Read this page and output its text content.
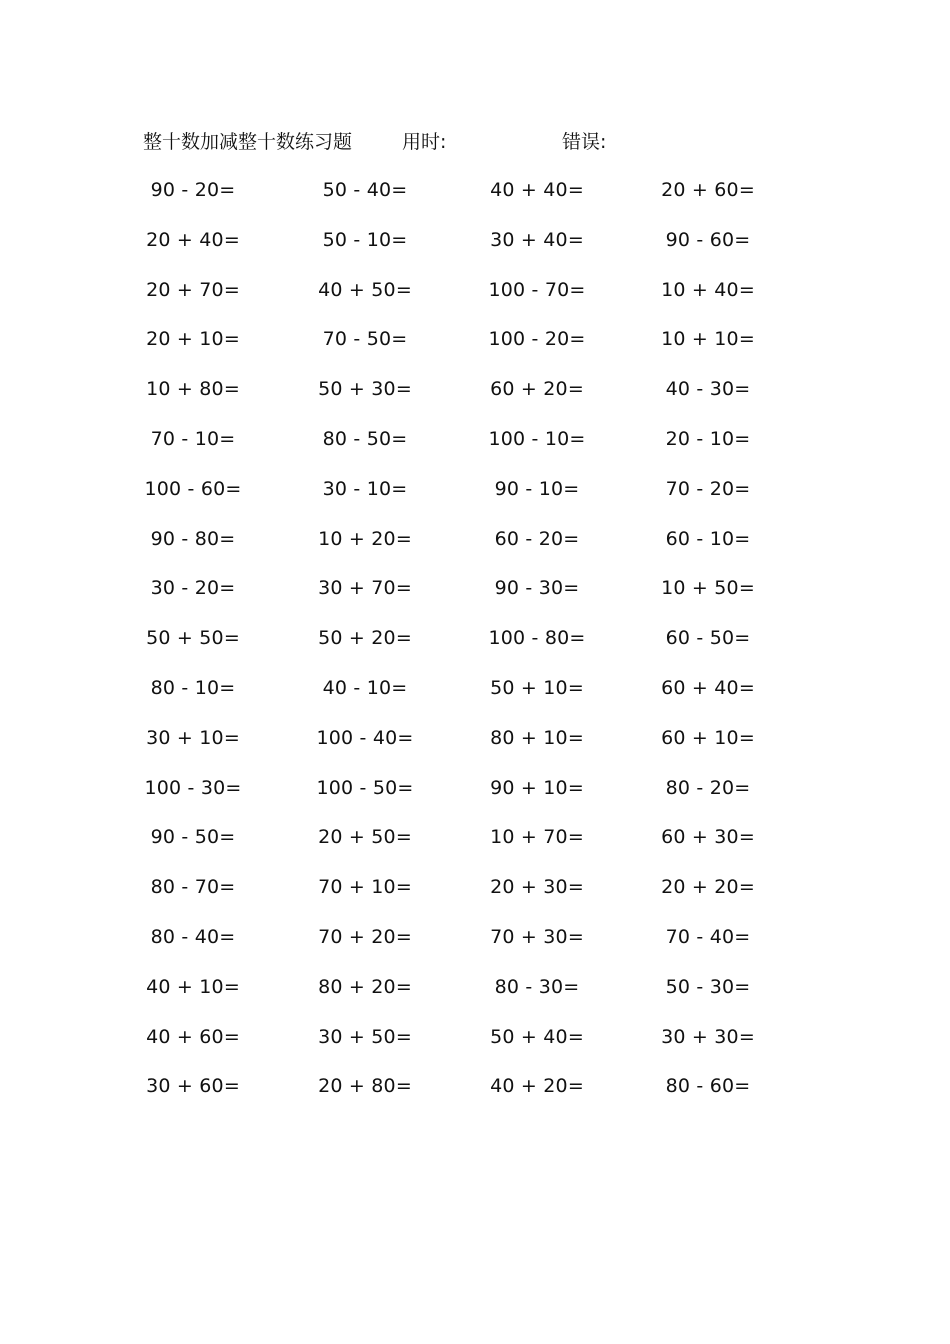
整十数加减整十数练习题	用时:	错误:
90 - 20=	50 - 40=	40 + 40=	20 + 60=
20 + 40=	50 - 10=	30 + 40=	90 - 60=
20 + 70=	40 + 50=	100 - 70=	10 + 40=
20 + 10=	70 - 50=	100 - 20=	10 + 10=
10 + 80=	50 + 30=	60 + 20=	40 - 30=
70 - 10=	80 - 50=	100 - 10=	20 - 10=
100 - 60=	30 - 10=	90 - 10=	70 - 20=
90 - 80=	10 + 20=	60 - 20=	60 - 10=
30 - 20=	30 + 70=	90 - 30=	10 + 50=
50 + 50=	50 + 20=	100 - 80=	60 - 50=
80 - 10=	40 - 10=	50 + 10=	60 + 40=
30 + 10=	100 - 40=	80 + 10=	60 + 10=
100 - 30=	100 - 50=	90 + 10=	80 - 20=
90 - 50=	20 + 50=	10 + 70=	60 + 30=
80 - 70=	70 + 10=	20 + 30=	20 + 20=
80 - 40=	70 + 20=	70 + 30=	70 - 40=
40 + 10=	80 + 20=	80 - 30=	50 - 30=
40 + 60=	30 + 50=	50 + 40=	30 + 30=
30 + 60=	20 + 80=	40 + 20=	80 - 60=
